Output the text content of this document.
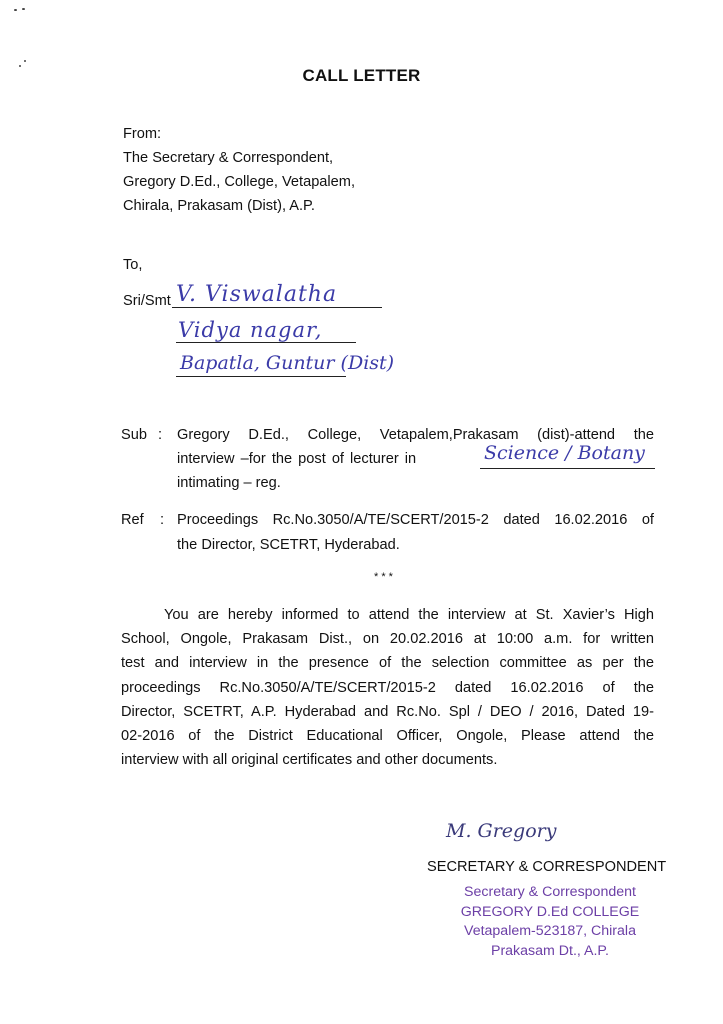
CALL LETTER
From:
The Secretary & Correspondent,
Gregory D.Ed., College, Vetapalem,
Chirala, Prakasam (Dist), A.P.
To,
Sri/Smt V. Viswalatha
Vidya nagar,
Bapatla, Guntur (Dist)
Sub : Gregory D.Ed., College, Vetapalem,Prakasam (dist)-attend the
interview –for the post of lecturer in	Science / Botany
intimating – reg.
Ref : Proceedings Rc.No.3050/A/TE/SCERT/2015-2 dated 16.02.2016 of
the Director, SCETRT, Hyderabad.
* * *
You are hereby informed to attend the interview at St. Xavier’s High
School, Ongole, Prakasam Dist., on 20.02.2016 at 10:00 a.m. for written
test and interview in the presence of the selection committee as per the
proceedings Rc.No.3050/A/TE/SCERT/2015-2 dated 16.02.2016 of the
Director, SCETRT, A.P. Hyderabad and Rc.No. Spl / DEO / 2016, Dated 19-
02-2016 of the District Educational Officer, Ongole, Please attend the
interview with all original certificates and other documents.
M. Gregory
SECRETARY & CORRESPONDENT
Secretary & Correspondent
GREGORY D.Ed COLLEGE
Vetapalem-523187, Chirala
Prakasam Dt., A.P.
